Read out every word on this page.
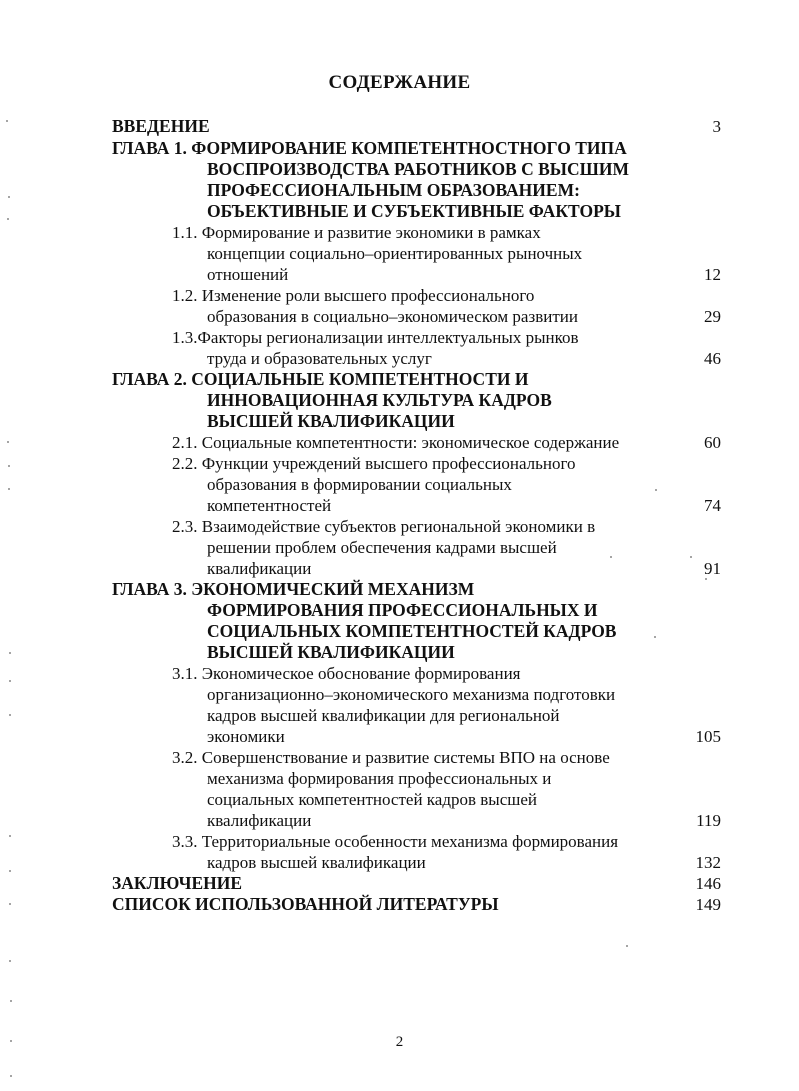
СОДЕРЖАНИЕ
ВВЕДЕНИЕ	3
ГЛАВА 1. ФОРМИРОВАНИЕ КОМПЕТЕНТНОСТНОГО ТИПА
ВОСПРОИЗВОДСТВА РАБОТНИКОВ С ВЫСШИМ
ПРОФЕССИОНАЛЬНЫМ ОБРАЗОВАНИЕМ:
ОБЪЕКТИВНЫЕ И СУБЪЕКТИВНЫЕ ФАКТОРЫ
1.1. Формирование и развитие экономики в рамках
концепции социально–ориентированных рыночных
отношений	12
1.2. Изменение роли высшего профессионального
образования в социально–экономическом развитии	29
1.3.Факторы регионализации интеллектуальных рынков
труда и образовательных услуг	46
ГЛАВА 2. СОЦИАЛЬНЫЕ КОМПЕТЕНТНОСТИ И
ИННОВАЦИОННАЯ КУЛЬТУРА КАДРОВ
ВЫСШЕЙ КВАЛИФИКАЦИИ
2.1. Социальные компетентности: экономическое содержание	60
2.2. Функции учреждений высшего профессионального
образования в формировании социальных
компетентностей	74
2.3. Взаимодействие субъектов региональной экономики в
решении проблем обеспечения кадрами высшей
квалификации	91
ГЛАВА 3. ЭКОНОМИЧЕСКИЙ МЕХАНИЗМ
ФОРМИРОВАНИЯ ПРОФЕССИОНАЛЬНЫХ И
СОЦИАЛЬНЫХ КОМПЕТЕНТНОСТЕЙ КАДРОВ
ВЫСШЕЙ КВАЛИФИКАЦИИ
3.1. Экономическое обоснование формирования
организационно–экономического механизма подготовки
кадров высшей квалификации для региональной
экономики	105
3.2. Совершенствование и развитие системы ВПО на основе
механизма формирования профессиональных и
социальных компетентностей кадров высшей
квалификации	119
3.3. Территориальные особенности механизма формирования
кадров высшей квалификации	132
ЗАКЛЮЧЕНИЕ	146
СПИСОК ИСПОЛЬЗОВАННОЙ ЛИТЕРАТУРЫ	149
2
